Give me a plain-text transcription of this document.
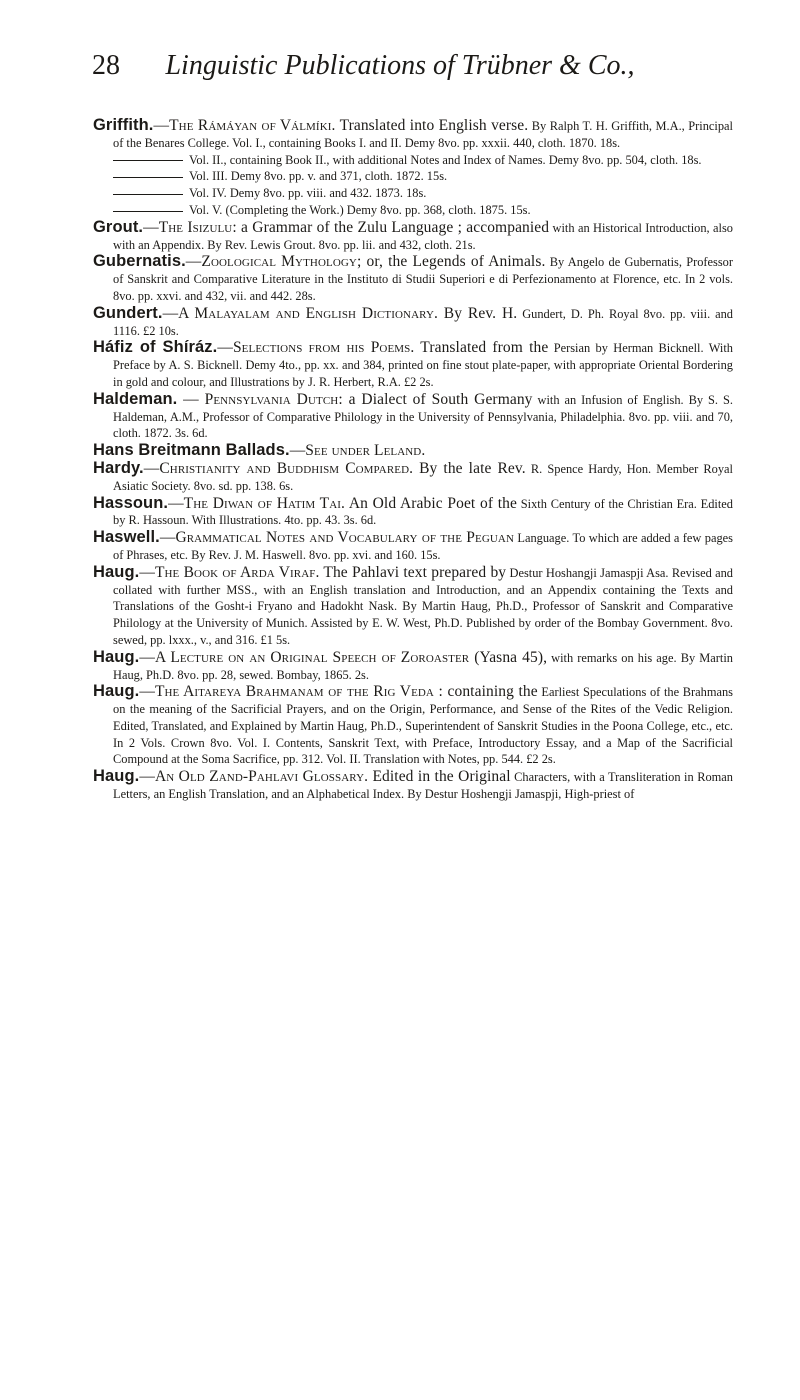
28	Linguistic Publications of Trübner & Co.,

Griffith.—The Rámáyan of Válmíki. Translated into English verse. By Ralph T. H. Griffith, M.A., Principal of the Benares College. Vol. I., containing Books I. and II. Demy 8vo. pp. xxxii. 440, cloth. 1870. 18s.

Vol. II., containing Book II., with additional Notes and Index of Names. Demy 8vo. pp. 504, cloth. 18s.

Vol. III. Demy 8vo. pp. v. and 371, cloth. 1872. 15s.

Vol. IV. Demy 8vo. pp. viii. and 432. 1873. 18s.

Vol. V. (Completing the Work.) Demy 8vo. pp. 368, cloth. 1875. 15s.

Grout.—The Isizulu: a Grammar of the Zulu Language ; accompanied with an Historical Introduction, also with an Appendix. By Rev. Lewis Grout. 8vo. pp. lii. and 432, cloth. 21s.

Gubernatis.—Zoological Mythology; or, the Legends of Animals. By Angelo de Gubernatis, Professor of Sanskrit and Comparative Literature in the Instituto di Studii Superiori e di Perfezionamento at Florence, etc. In 2 vols. 8vo. pp. xxvi. and 432, vii. and 442. 28s.

Gundert.—A Malayalam and English Dictionary. By Rev. H. Gundert, D. Ph. Royal 8vo. pp. viii. and 1116. £2 10s.

Háfiz of Shíráz.—Selections from his Poems. Translated from the Persian by Herman Bicknell. With Preface by A. S. Bicknell. Demy 4to., pp. xx. and 384, printed on fine stout plate-paper, with appropriate Oriental Bordering in gold and colour, and Illustrations by J. R. Herbert, R.A. £2 2s.

Haldeman. — Pennsylvania Dutch: a Dialect of South Germany with an Infusion of English. By S. S. Haldeman, A.M., Professor of Comparative Philology in the University of Pennsylvania, Philadelphia. 8vo. pp. viii. and 70, cloth. 1872. 3s. 6d.

Hans Breitmann Ballads.—See under Leland.

Hardy.—Christianity and Buddhism Compared. By the late Rev. R. Spence Hardy, Hon. Member Royal Asiatic Society. 8vo. sd. pp. 138. 6s.

Hassoun.—The Diwan of Hatim Tai. An Old Arabic Poet of the Sixth Century of the Christian Era. Edited by R. Hassoun. With Illustrations. 4to. pp. 43. 3s. 6d.

Haswell.—Grammatical Notes and Vocabulary of the Peguan Language. To which are added a few pages of Phrases, etc. By Rev. J. M. Haswell. 8vo. pp. xvi. and 160. 15s.

Haug.—The Book of Arda Viraf. The Pahlavi text prepared by Destur Hoshangji Jamaspji Asa. Revised and collated with further MSS., with an English translation and Introduction, and an Appendix containing the Texts and Translations of the Gosht-i Fryano and Hadokht Nask. By Martin Haug, Ph.D., Professor of Sanskrit and Comparative Philology at the University of Munich. Assisted by E. W. West, Ph.D. Published by order of the Bombay Government. 8vo. sewed, pp. lxxx., v., and 316. £1 5s.

Haug.—A Lecture on an Original Speech of Zoroaster (Yasna 45), with remarks on his age. By Martin Haug, Ph.D. 8vo. pp. 28, sewed. Bombay, 1865. 2s.

Haug.—The Aitareya Brahmanam of the Rig Veda : containing the Earliest Speculations of the Brahmans on the meaning of the Sacrificial Prayers, and on the Origin, Performance, and Sense of the Rites of the Vedic Religion. Edited, Translated, and Explained by Martin Haug, Ph.D., Superintendent of Sanskrit Studies in the Poona College, etc., etc. In 2 Vols. Crown 8vo. Vol. I. Contents, Sanskrit Text, with Preface, Introductory Essay, and a Map of the Sacrificial Compound at the Soma Sacrifice, pp. 312. Vol. II. Translation with Notes, pp. 544. £2 2s.

Haug.—An Old Zand-Pahlavi Glossary. Edited in the Original Characters, with a Transliteration in Roman Letters, an English Translation, and an Alphabetical Index. By Destur Hoshengji Jamaspji, High-priest of
